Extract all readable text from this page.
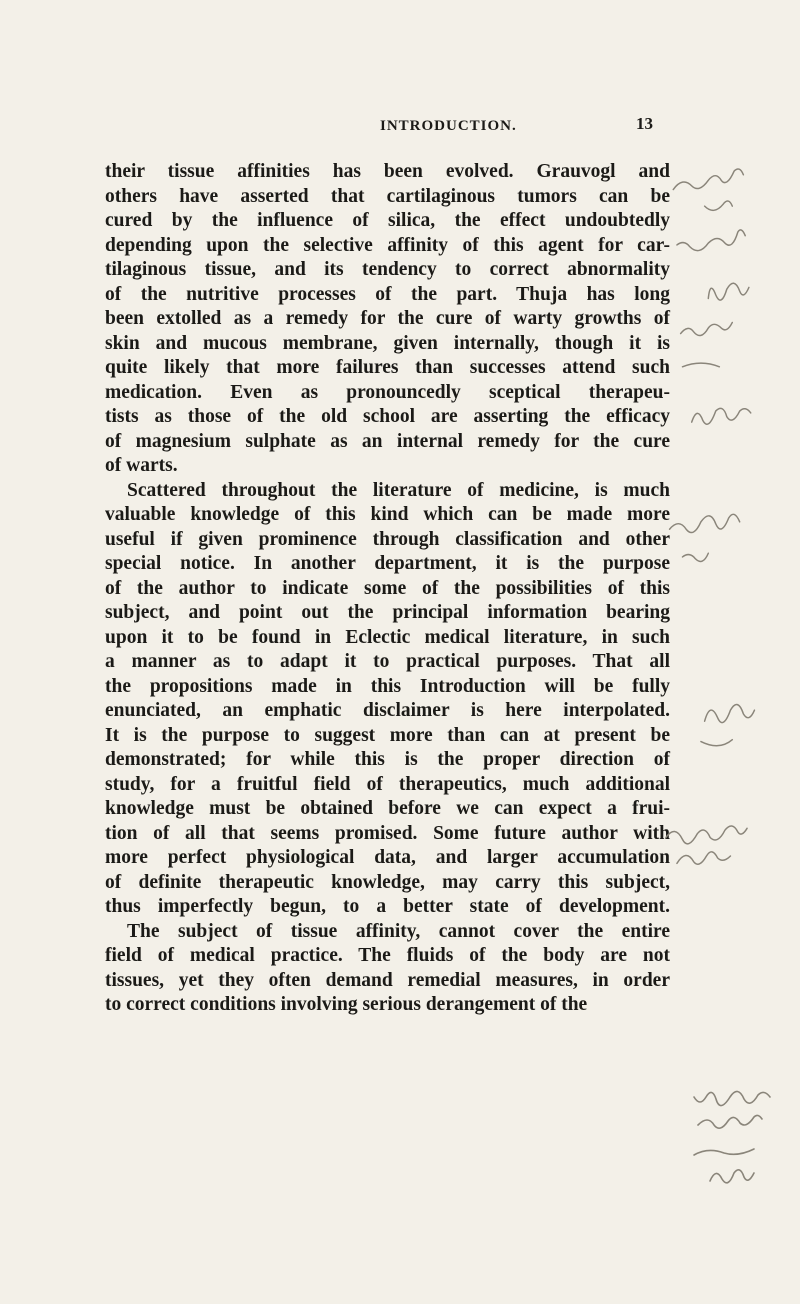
INTRODUCTION.	13
their tissue affinities has been evolved. Grauvogl and
others have asserted that cartilaginous tumors can be
cured by the influence of silica, the effect undoubtedly
depending upon the selective affinity of this agent for car-
tilaginous tissue, and its tendency to correct abnormality
of the nutritive processes of the part. Thuja has long
been extolled as a remedy for the cure of warty growths of
skin and mucous membrane, given internally, though it is
quite likely that more failures than successes attend such
medication. Even as pronouncedly sceptical therapeu-
tists as those of the old school are asserting the efficacy
of magnesium sulphate as an internal remedy for the cure
of warts.
Scattered throughout the literature of medicine, is much
valuable knowledge of this kind which can be made more
useful if given prominence through classification and other
special notice. In another department, it is the purpose
of the author to indicate some of the possibilities of this
subject, and point out the principal information bearing
upon it to be found in Eclectic medical literature, in such
a manner as to adapt it to practical purposes. That all
the propositions made in this Introduction will be fully
enunciated, an emphatic disclaimer is here interpolated.
It is the purpose to suggest more than can at present be
demonstrated; for while this is the proper direction of
study, for a fruitful field of therapeutics, much additional
knowledge must be obtained before we can expect a frui-
tion of all that seems promised. Some future author with
more perfect physiological data, and larger accumulation
of definite therapeutic knowledge, may carry this subject,
thus imperfectly begun, to a better state of development.
The subject of tissue affinity, cannot cover the entire
field of medical practice. The fluids of the body are not
tissues, yet they often demand remedial measures, in order
to correct conditions involving serious derangement of the
